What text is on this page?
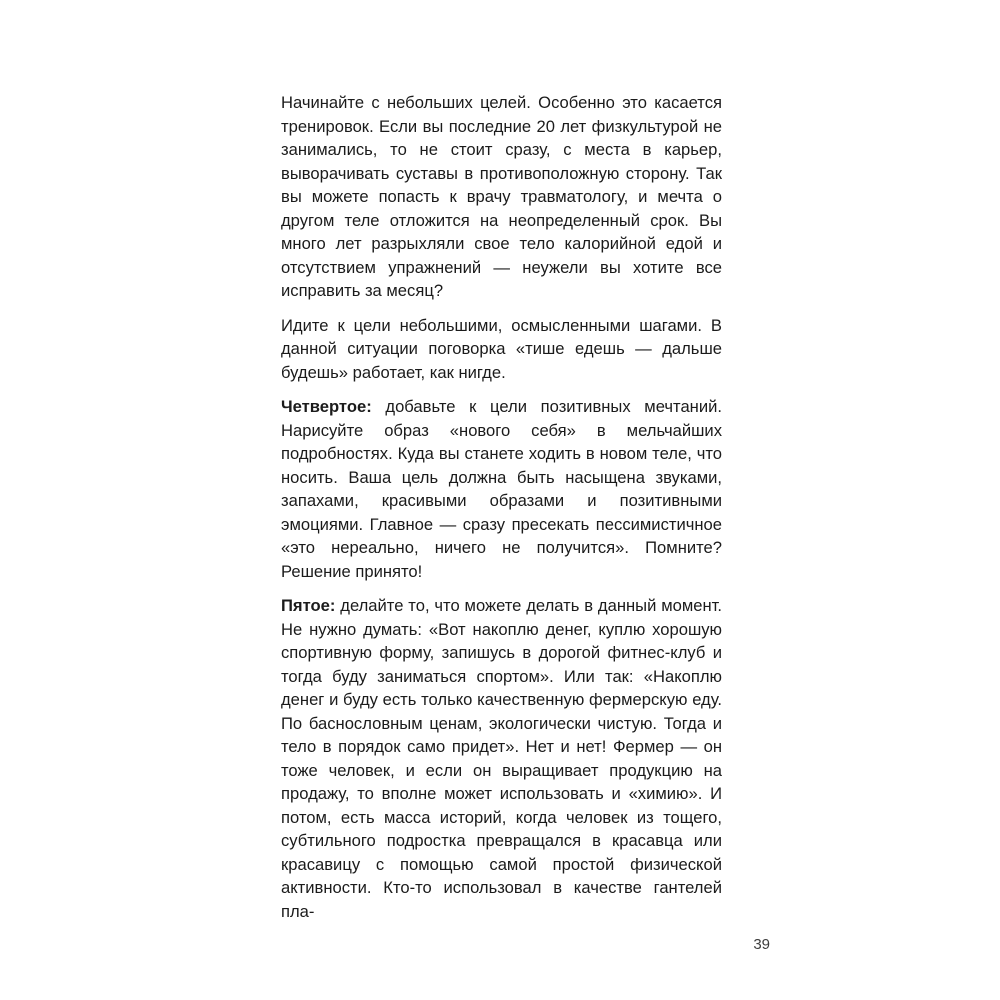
Начинайте с небольших целей. Особенно это касается тренировок. Если вы последние 20 лет физкультурой не занимались, то не стоит сразу, с места в карьер, выворачивать суставы в противоположную сторону. Так вы можете попасть к врачу травматологу, и мечта о другом теле отложится на неопределенный срок. Вы много лет разрыхляли свое тело калорийной едой и отсутствием упражнений — неужели вы хотите все исправить за месяц?

Идите к цели небольшими, осмысленными шагами. В данной ситуации поговорка «тише едешь — дальше будешь» работает, как нигде.

Четвертое: добавьте к цели позитивных мечтаний. Нарисуйте образ «нового себя» в мельчайших подробностях. Куда вы станете ходить в новом теле, что носить. Ваша цель должна быть насыщена звуками, запахами, красивыми образами и позитивными эмоциями. Главное — сразу пресекать пессимистичное «это нереально, ничего не получится». Помните? Решение принято!

Пятое: делайте то, что можете делать в данный момент. Не нужно думать: «Вот накоплю денег, куплю хорошую спортивную форму, запишусь в дорогой фитнес-клуб и тогда буду заниматься спортом». Или так: «Накоплю денег и буду есть только качественную фермерскую еду. По баснословным ценам, экологически чистую. Тогда и тело в порядок само придет». Нет и нет! Фермер — он тоже человек, и если он выращивает продукцию на продажу, то вполне может использовать и «химию». И потом, есть масса историй, когда человек из тощего, субтильного подростка превращался в красавца или красавицу с помощью самой простой физической активности. Кто-то использовал в качестве гантелей пла-

39
